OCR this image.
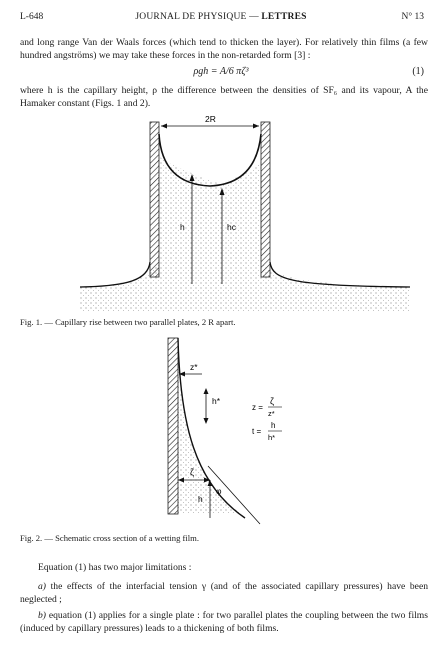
L-648	JOURNAL DE PHYSIQUE — LETTRES	N° 13
and long range Van der Waals forces (which tend to thicken the layer). For relatively thin films (a few hundred angströms) we may take these forces in the non-retarded form [3] :
ρgh = A/6 πζ³	(1)
where h is the capillary height, ρ the difference between the densities of SF₆ and its vapour, A the Hamaker constant (Figs. 1 and 2).
2R
h	hc
Fig. 1. — Capillary rise between two parallel plates, 2 R apart.
z*
h*
ζ
h
φ
z =
ζ
z*
t =
h
h*
Fig. 2. — Schematic cross section of a wetting film.
Equation (1) has two major limitations :
a) the effects of the interfacial tension γ (and of the associated capillary pressures) have been neglected ;
b) equation (1) applies for a single plate : for two parallel plates the coupling between the two films (induced by capillary pressures) leads to a thickening of both films.
